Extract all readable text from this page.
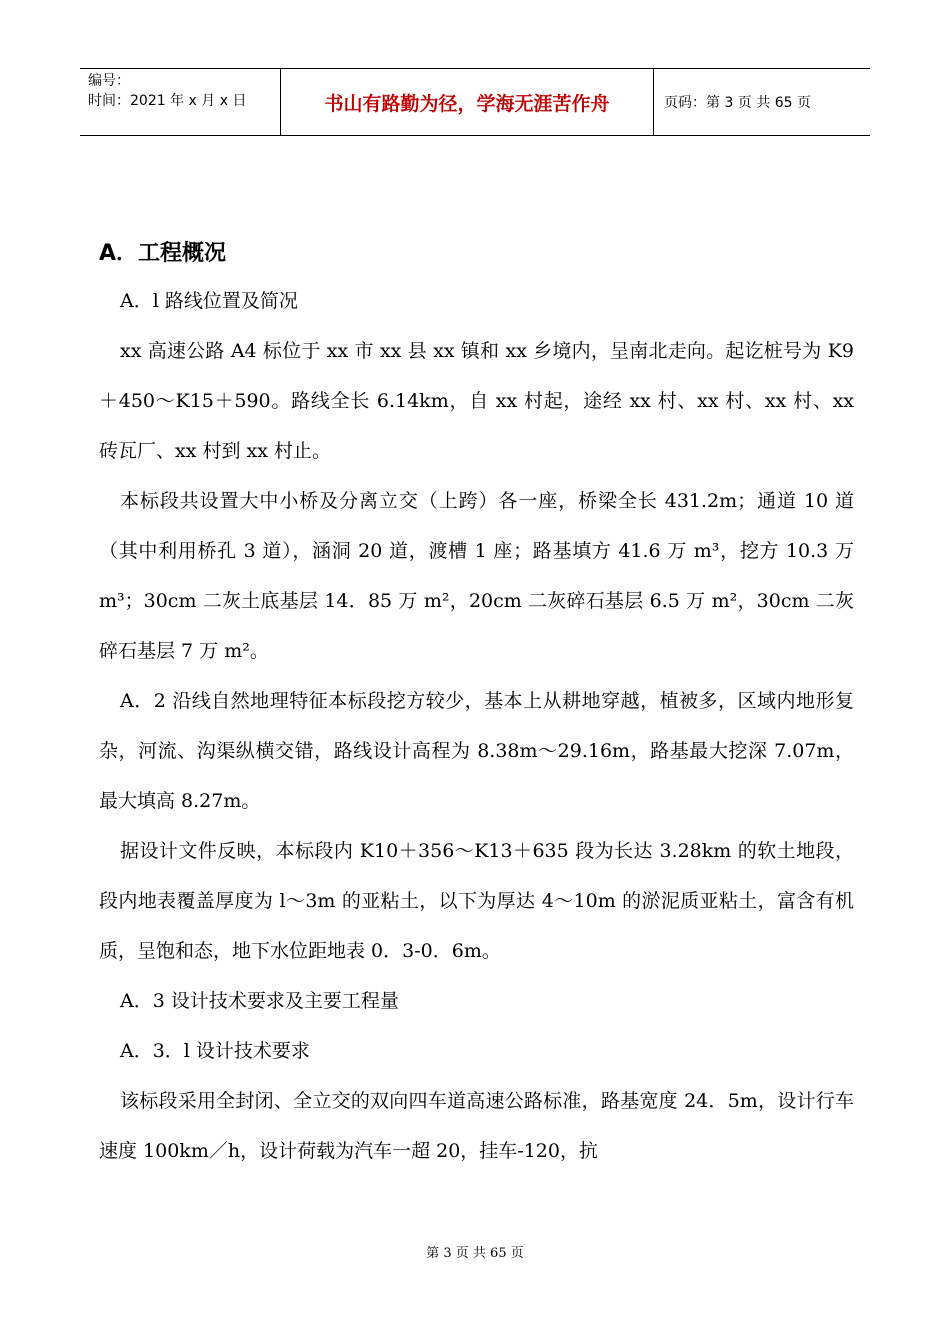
编号：
时间：2021 年 x 月 x 日	书山有路勤为径，学海无涯苦作舟	页码：第 3 页 共 65 页
A．工程概况

A．l 路线位置及简况

xx 高速公路 A4 标位于 xx 市 xx 县 xx 镇和 xx 乡境内，呈南北走向。起讫桩号为 K9＋450～K15＋590。路线全长 6.14km，自 xx 村起，途经 xx 村、xx 村、xx 村、xx 砖瓦厂、xx 村到 xx 村止。

本标段共设置大中小桥及分离立交（上跨）各一座，桥梁全长 431.2m；通道 10 道（其中利用桥孔 3 道），涵洞 20 道，渡槽 1 座；路基填方 41.6 万 m³，挖方 10.3 万 m³；30cm 二灰土底基层 14．85 万 m²，20cm 二灰碎石基层 6.5 万 m²，30cm 二灰碎石基层 7 万 m²。

A．2 沿线自然地理特征本标段挖方较少，基本上从耕地穿越，植被多，区域内地形复杂，河流、沟渠纵横交错，路线设计高程为 8.38m～29.16m，路基最大挖深 7.07m，最大填高 8.27m。

据设计文件反映，本标段内 K10＋356～K13＋635 段为长达 3.28km 的软土地段，段内地表覆盖厚度为 l～3m 的亚粘土，以下为厚达 4～10m 的淤泥质亚粘土，富含有机质，呈饱和态，地下水位距地表 0．3-0．6m。

A．3 设计技术要求及主要工程量

A．3．l 设计技术要求

该标段采用全封闭、全立交的双向四车道高速公路标准，路基宽度 24．5m，设计行车速度 100km／h，设计荷载为汽车一超 20，挂车-120，抗

第 3 页 共 65 页
